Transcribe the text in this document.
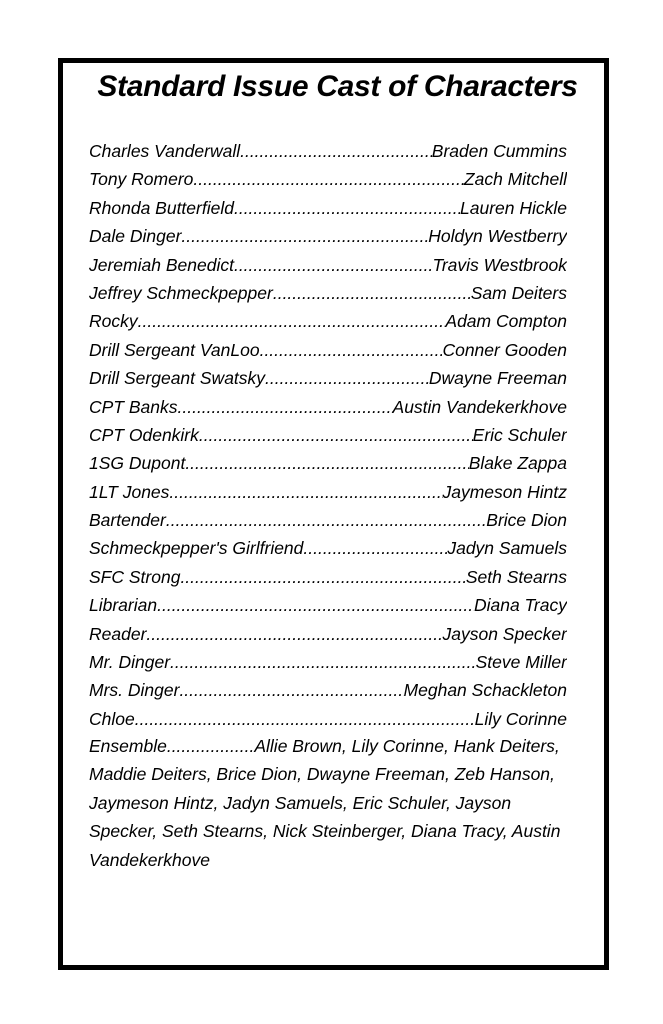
Standard Issue Cast of Characters
Charles Vanderwall .....	Braden Cummins
Tony Romero .....	Zach Mitchell
Rhonda Butterfield .....	Lauren Hickle
Dale Dinger .....	Holdyn Westberry
Jeremiah Benedict .....	Travis Westbrook
Jeffrey Schmeckpepper .....	Sam Deiters
Rocky .....	Adam Compton
Drill Sergeant VanLoo .....	Conner Gooden
Drill Sergeant Swatsky .....	Dwayne Freeman
CPT Banks .....	Austin Vandekerkhove
CPT Odenkirk .....	Eric Schuler
1SG Dupont .....	Blake Zappa
1LT Jones .....	Jaymeson Hintz
Bartender .....	Brice Dion
Schmeckpepper's Girlfriend .....	Jadyn Samuels
SFC Strong .....	Seth Stearns
Librarian .....	Diana Tracy
Reader .....	Jayson Specker
Mr. Dinger .....	Steve Miller
Mrs. Dinger .....	Meghan Schackleton
Chloe .....	Lily Corinne

Ensemble..................Allie Brown, Lily Corinne, Hank Deiters, Maddie Deiters, Brice Dion, Dwayne Freeman, Zeb Hanson, Jaymeson Hintz, Jadyn Samuels, Eric Schuler, Jayson Specker, Seth Stearns, Nick Steinberger, Diana Tracy, Austin Vandekerkhove
